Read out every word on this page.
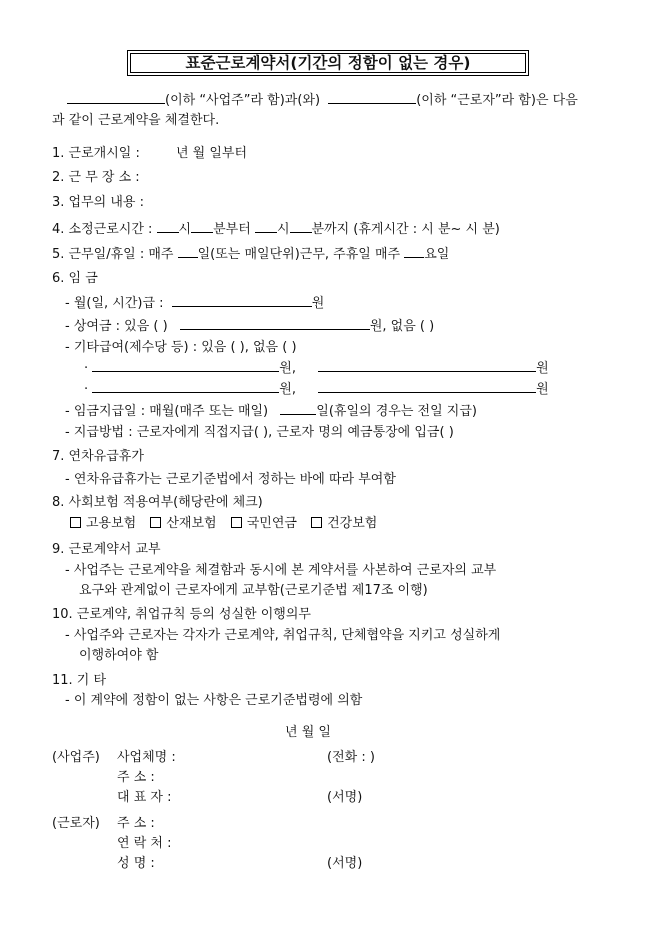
표준근로계약서(기간의 정함이 없는 경우)
(이하 “사업주”라 함)과(와)	(이하 “근로자”라 함)은 다음
과 같이 근로계약을 체결한다.
1. 근로개시일 :	년 월 일부터
2. 근 무 장 소 :
3. 업무의 내용 :
4. 소정근로시간 : 시 분부터 시 분까지 (휴게시간 : 시 분~ 시 분)
5. 근무일/휴일 : 매주 일(또는 매일단위)근무, 주휴일 매주 요일
6. 임 금
- 월(일, 시간)급 :	원
- 상여금 : 있음 ( )	원, 없음 ( )
- 기타급여(제수당 등) : 있음 ( ), 없음 ( )
·	원,	원
·	원,	원
- 임금지급일 : 매월(매주 또는 매일)	일(휴일의 경우는 전일 지급)
- 지급방법 : 근로자에게 직접지급( ), 근로자 명의 예금통장에 입금( )
7. 연차유급휴가
- 연차유급휴가는 근로기준법에서 정하는 바에 따라 부여함
8. 사회보험 적용여부(해당란에 체크)
고용보험 산재보험 국민연금 건강보험
9. 근로계약서 교부
- 사업주는 근로계약을 체결함과 동시에 본 계약서를 사본하여 근로자의 교부
요구와 관계없이 근로자에게 교부함(근로기준법 제17조 이행)
10. 근로계약, 취업규칙 등의 성실한 이행의무
- 사업주와 근로자는 각자가 근로계약, 취업규칙, 단체협약을 지키고 성실하게
이행하여야 함
11. 기 타
- 이 계약에 정함이 없는 사항은 근로기준법령에 의함
년 월 일
(사업주) 사업체명 :	(전화 : )
주 소 :
대 표 자 :	(서명)
(근로자) 주 소 :
연 락 처 :
성 명 :	(서명)
